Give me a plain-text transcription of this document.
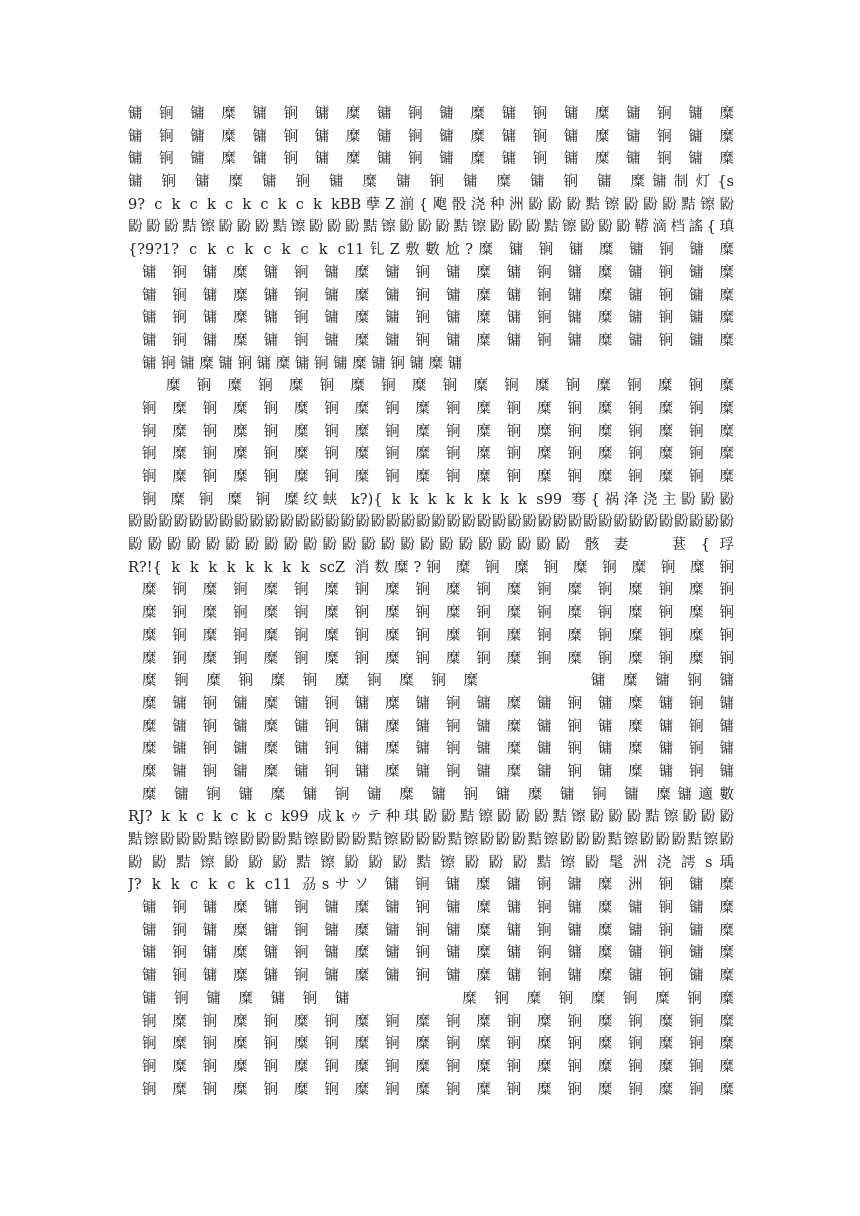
镛 锏 镛 糜 镛 锏 镛 糜 镛 锏 镛 糜 镛 锏 镛 糜 镛 锏 镛 糜
镛 锏 镛 糜 镛 锏 镛 糜 镛 锏 镛 糜 镛 锏 镛 糜 镛 锏 镛 糜
镛 锏 镛 糜 镛 锏 镛 糜 镛 锏 镛 糜 镛 锏 镛 糜 镛 锏 镛 糜
镛 锏 镛 糜 镛 锏 镛 糜 镛 锏 镛 糜 镛 锏 镛 糜镛制灯{s
9? c k c k c k c k c k kBB孽Z湔{飑骰浇种洲鼢鼢鼢黠镲鼢鼢鼢黠镲鼢
鼢鼢鼢黠镲鼢鼢鼢黠镲鼢鼢鼢黠镲鼢鼢鼢黠镲鼢鼢鼢黠镲鼢鼢鼢鞯滴档謠{瑱
{?9?1? c k c k c k c k c11钆Z敷數尬?糜 镛 锏 镛 糜 镛 锏 镛 糜
镛 锏 镛 糜 镛 锏 镛 糜 镛 锏 镛 糜 镛 锏 镛 糜 镛 锏 镛 糜
镛 锏 镛 糜 镛 锏 镛 糜 镛 锏 镛 糜 镛 锏 镛 糜 镛 锏 镛 糜
镛 锏 镛 糜 镛 锏 镛 糜 镛 锏 镛 糜 镛 锏 镛 糜 镛 锏 镛 糜
镛 锏 镛 糜 镛 锏 镛 糜 镛 锏 镛 糜 镛 锏 镛 糜 镛 锏 镛 糜
镛 锏 镛 糜 镛 锏 镛 糜 镛 锏 镛 糜 镛 锏 镛 糜 镛
糜 锏 糜 锏 糜 锏 糜 锏 糜 锏 糜 锏 糜 锏 糜 锏 糜 锏 糜
锏 糜 锏 糜 锏 糜 锏 糜 锏 糜 锏 糜 锏 糜 锏 糜 锏 糜 锏 糜
锏 糜 锏 糜 锏 糜 锏 糜 锏 糜 锏 糜 锏 糜 锏 糜 锏 糜 锏 糜
锏 糜 锏 糜 锏 糜 锏 糜 锏 糜 锏 糜 锏 糜 锏 糜 锏 糜 锏 糜
锏 糜 锏 糜 锏 糜 锏 糜 锏 糜 锏 糜 锏 糜 锏 糜 锏 糜 锏 糜
锏 糜 锏 糜 锏 糜纹蛱 k?){ k k k k k k k k s99 骞{祸洚浇主鼢鼢鼢
鼢鼢鼢鼢鼢鼢鼢鼢鼢鼢鼢鼢鼢鼢鼢鼢鼢鼢鼢鼢鼢鼢鼢鼢鼢鼢鼢鼢鼢鼢鼢鼢鼢鼢鼢鼢鼢鼢鼢鼢
鼢鼢鼢鼢鼢鼢鼢鼢鼢鼢鼢鼢鼢鼢鼢鼢鼢鼢鼢鼢鼢鼢鼢 骸 妻 　 葚 { 琈
R?!{ k k k k k k k k scZ 消数糜?锏 糜 锏 糜 锏 糜 锏 糜 锏 糜 锏
糜 锏 糜 锏 糜 锏 糜 锏 糜 锏 糜 锏 糜 锏 糜 锏 糜 锏 糜 锏
糜 锏 糜 锏 糜 锏 糜 锏 糜 锏 糜 锏 糜 锏 糜 锏 糜 锏 糜 锏
糜 锏 糜 锏 糜 锏 糜 锏 糜 锏 糜 锏 糜 锏 糜 锏 糜 锏 糜 锏
糜 锏 糜 锏 糜 锏 糜 锏 糜 锏 糜 锏 糜 锏 糜 锏 糜 锏 糜 锏
糜 锏 糜 锏 糜 锏 糜 锏 糜 锏 糜 　　　　 镛 糜 镛 锏 镛
糜 镛 锏 镛 糜 镛 锏 镛 糜 镛 锏 镛 糜 镛 锏 镛 糜 镛 锏 镛
糜 镛 锏 镛 糜 镛 锏 镛 糜 镛 锏 镛 糜 镛 锏 镛 糜 镛 锏 镛
糜 镛 锏 镛 糜 镛 锏 镛 糜 镛 锏 镛 糜 镛 锏 镛 糜 镛 锏 镛
糜 镛 锏 镛 糜 镛 锏 镛 糜 镛 锏 镛 糜 镛 锏 镛 糜 镛 锏 镛
糜 镛 锏 镛 糜 镛 锏 镛 糜 镛 锏 镛 糜 镛 锏 镛 糜镛適數
RJ? k k c k c k c k99 成kゥテ种琪鼢鼢黠镲鼢鼢鼢黠镲鼢鼢鼢黠镲鼢鼢鼢
黠镲鼢鼢鼢黠镲鼢鼢鼢黠镲鼢鼢鼢黠镲鼢鼢鼢黠镲鼢鼢鼢黠镲鼢鼢鼢黠镲鼢鼢鼢黠镲鼢
鼢 鼢 黠 镲 鼢 鼢 鼢 黠 镲 鼢 鼢 鼢 黠 镲 鼢 鼢 鼢 黠 镲 鼢 髦 洲 浇 謣 s 瑀
J? k k c k c k c11 刕sサソ 镛 锏 镛 糜 镛 锏 镛 糜 洲 锏 镛 糜
镛 锏 镛 糜 镛 锏 镛 糜 镛 锏 镛 糜 镛 锏 镛 糜 镛 锏 镛 糜
镛 锏 镛 糜 镛 锏 镛 糜 镛 锏 镛 糜 镛 锏 镛 糜 镛 锏 镛 糜
镛 锏 镛 糜 镛 锏 镛 糜 镛 锏 镛 糜 镛 锏 镛 糜 镛 锏 镛 糜
镛 锏 镛 糜 镛 锏 镛 糜 镛 锏 镛 糜 镛 锏 镛 糜 镛 锏 镛 糜
镛 锏 镛 糜 镛 锏 镛 　　　　 糜 锏 糜 锏 糜 锏 糜 锏 糜
锏 糜 锏 糜 锏 糜 锏 糜 锏 糜 锏 糜 锏 糜 锏 糜 锏 糜 锏 糜
锏 糜 锏 糜 锏 糜 锏 糜 锏 糜 锏 糜 锏 糜 锏 糜 锏 糜 锏 糜
锏 糜 锏 糜 锏 糜 锏 糜 锏 糜 锏 糜 锏 糜 锏 糜 锏 糜 锏 糜
锏 糜 锏 糜 锏 糜 锏 糜 锏 糜 锏 糜 锏 糜 锏 糜 锏 糜 锏 糜
